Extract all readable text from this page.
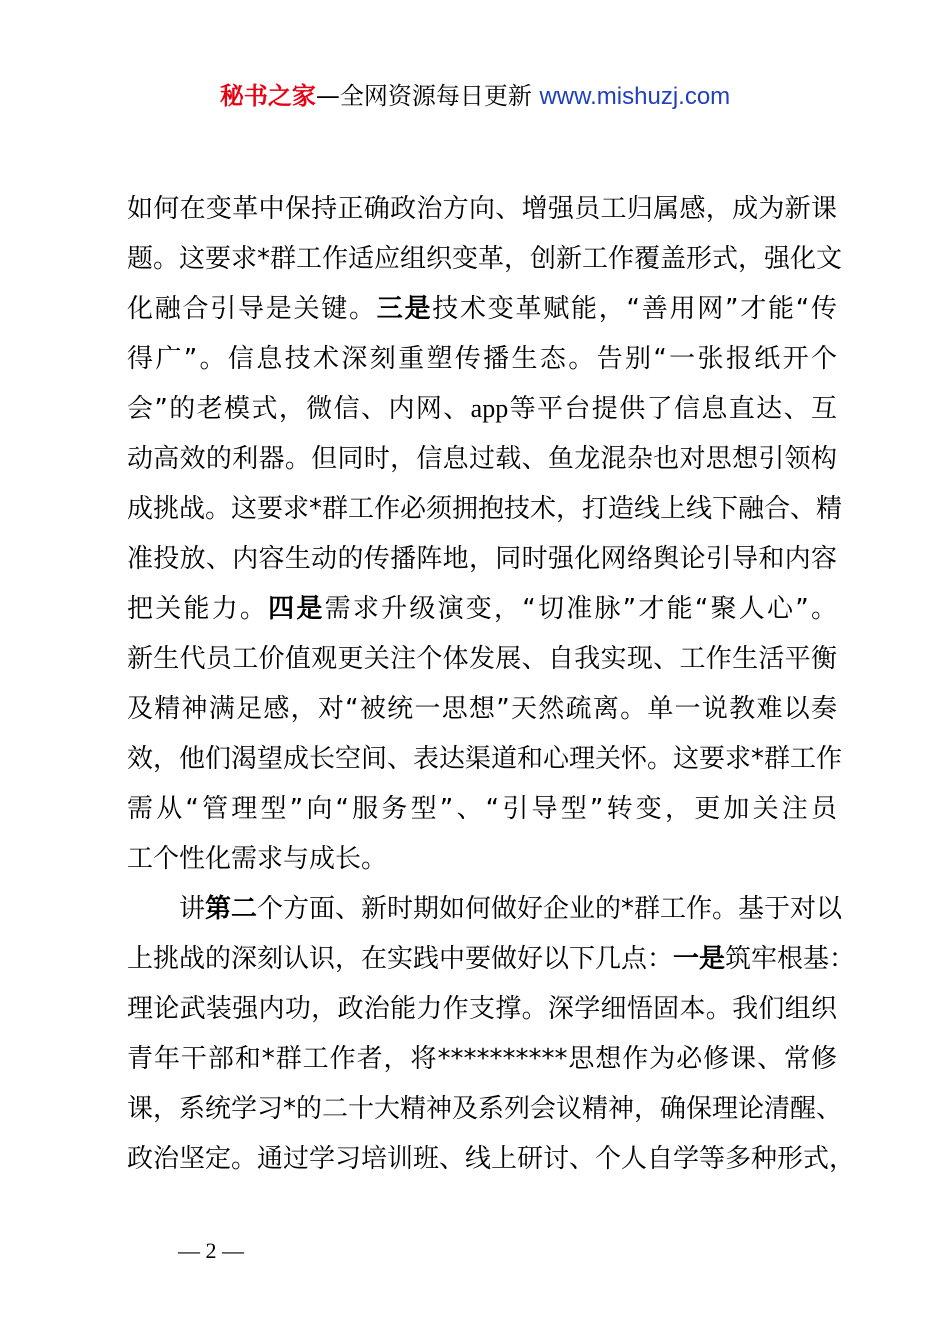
秘书之家—全网资源每日更新 www.mishuzj.com
如何在变革中保持正确政治方向、增强员工归属感，成为新课
题。这要求*群工作适应组织变革，创新工作覆盖形式，强化文
化融合引导是关键。三是技术变革赋能，“善用网”才能“传
得广”。信息技术深刻重塑传播生态。告别“一张报纸开个
会”的老模式，微信、内网、app等平台提供了信息直达、互
动高效的利器。但同时，信息过载、鱼龙混杂也对思想引领构
成挑战。这要求*群工作必须拥抱技术，打造线上线下融合、精
准投放、内容生动的传播阵地，同时强化网络舆论引导和内容
把关能力。四是需求升级演变，“切准脉”才能“聚人心”。
新生代员工价值观更关注个体发展、自我实现、工作生活平衡
及精神满足感，对“被统一思想”天然疏离。单一说教难以奏
效，他们渴望成长空间、表达渠道和心理关怀。这要求*群工作
需从“管理型”向“服务型”、“引导型”转变，更加关注员
工个性化需求与成长。
讲第二个方面、新时期如何做好企业的*群工作。基于对以
上挑战的深刻认识，在实践中要做好以下几点：一是筑牢根基：
理论武装强内功，政治能力作支撑。深学细悟固本。我们组织
青年干部和*群工作者，将**********思想作为必修课、常修
课，系统学习*的二十大精神及系列会议精神，确保理论清醒、
政治坚定。通过学习培训班、线上研讨、个人自学等多种形式，
— 2 —
